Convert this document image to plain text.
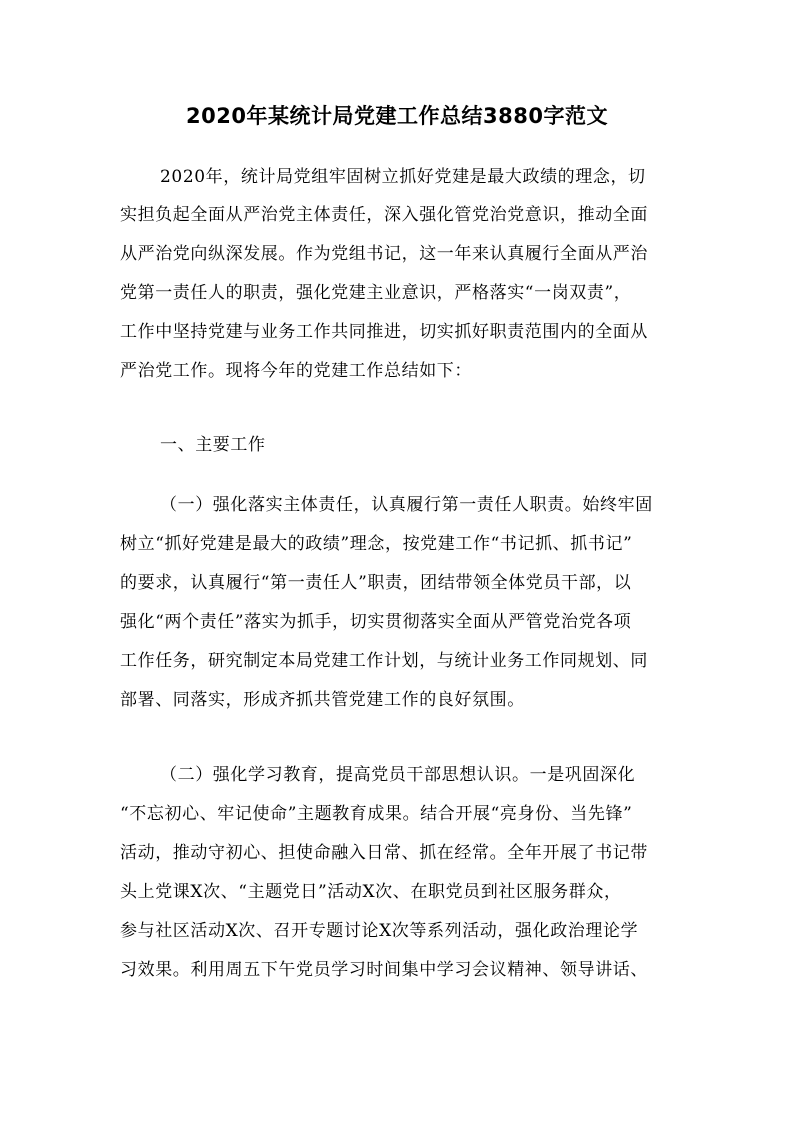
2020年某统计局党建工作总结3880字范文
2020年，统计局党组牢固树立抓好党建是最大政绩的理念，切
实担负起全面从严治党主体责任，深入强化管党治党意识，推动全面
从严治党向纵深发展。作为党组书记，这一年来认真履行全面从严治
党第一责任人的职责，强化党建主业意识，严格落实“一岗双责”，
工作中坚持党建与业务工作共同推进，切实抓好职责范围内的全面从
严治党工作。现将今年的党建工作总结如下：
一、主要工作
（一）强化落实主体责任，认真履行第一责任人职责。始终牢固
树立“抓好党建是最大的政绩”理念，按党建工作“书记抓、抓书记”
的要求，认真履行“第一责任人”职责，团结带领全体党员干部，以
强化“两个责任”落实为抓手，切实贯彻落实全面从严管党治党各项
工作任务，研究制定本局党建工作计划，与统计业务工作同规划、同
部署、同落实，形成齐抓共管党建工作的良好氛围。
（二）强化学习教育，提高党员干部思想认识。一是巩固深化
“不忘初心、牢记使命”主题教育成果。结合开展“亮身份、当先锋”
活动，推动守初心、担使命融入日常、抓在经常。全年开展了书记带
头上党课X次、“主题党日”活动X次、在职党员到社区服务群众，
参与社区活动X次、召开专题讨论X次等系列活动，强化政治理论学
习效果。利用周五下午党员学习时间集中学习会议精神、领导讲话、
